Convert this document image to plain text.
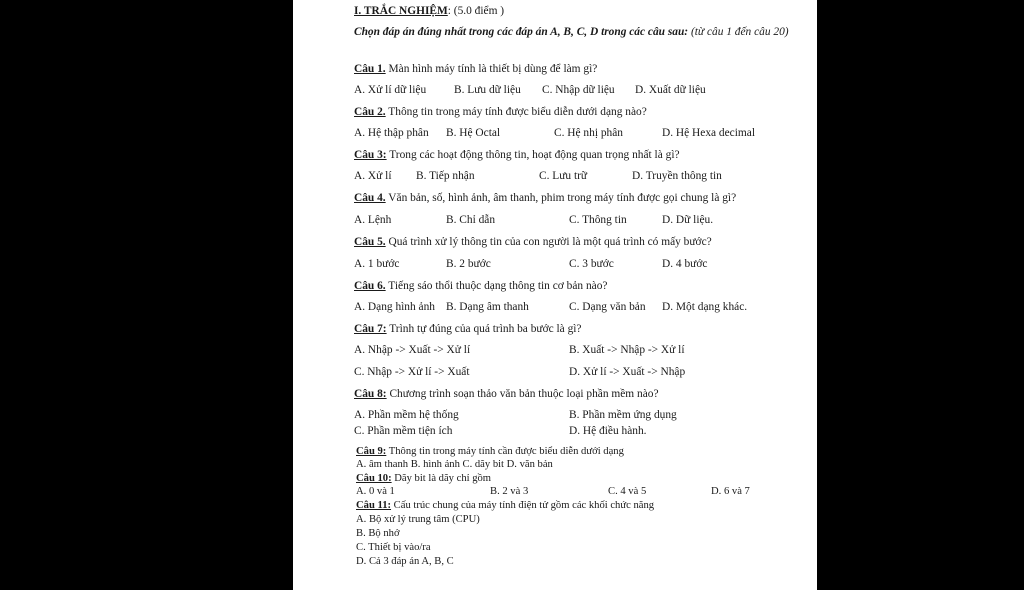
I. TRẮC NGHIỆM: (5.0 điểm )
Chọn đáp án đúng nhất trong các đáp án A, B, C, D trong các câu sau: (từ câu 1 đến câu 20)
Câu 1. Màn hình máy tính là thiết bị dùng để làm gì?
A. Xử lí dữ liệu B. Lưu dữ liệu C. Nhập dữ liệu D. Xuất dữ liệu
Câu 2. Thông tin trong máy tính được biểu diễn dưới dạng nào?
A. Hệ thập phân B. Hệ Octal	C. Hệ nhị phân	D. Hệ Hexa decimal
Câu 3: Trong các hoạt động thông tin, hoạt động quan trọng nhất là gì?
A. Xử lí B. Tiếp nhận	C. Lưu trữ	D. Truyền thông tin
Câu 4. Văn bản, số, hình ảnh, âm thanh, phim trong máy tính được gọi chung là gì?
A. Lệnh	B. Chỉ dẫn	C. Thông tin	D. Dữ liệu.
Câu 5. Quá trình xử lý thông tin của con người là một quá trình có mấy bước?
A. 1 bước	B. 2 bước	C. 3 bước	D. 4 bước
Câu 6. Tiếng sáo thổi thuộc dạng thông tin cơ bản nào?
A. Dạng hình ảnh B. Dạng âm thanh	C. Dạng văn bản D. Một dạng khác.
Câu 7: Trình tự đúng của quá trình ba bước là gì?
A. Nhập -> Xuất -> Xử lí	B. Xuất -> Nhập -> Xử lí
C. Nhập -> Xử lí -> Xuất	D. Xử lí -> Xuất -> Nhập
Câu 8: Chương trình soạn thảo văn bản thuộc loại phần mềm nào?
A. Phần mềm hệ thống	B. Phần mềm ứng dụng
C. Phần mềm tiện ích	D. Hệ điều hành.
Câu 9: Thông tin trong máy tính cần được biểu diễn dưới dạng
A. âm thanh B. hình ảnh C. dãy bit D. văn bản
Câu 10: Dãy bit là dãy chỉ gồm
A. 0 và 1	B. 2 và 3	C. 4 và 5	D. 6 và 7
Câu 11: Cấu trúc chung của máy tính điện tử gồm các khối chức năng
A. Bộ xử lý trung tâm (CPU)
B. Bộ nhớ
C. Thiết bị vào/ra
D. Cả 3 đáp án A, B, C
